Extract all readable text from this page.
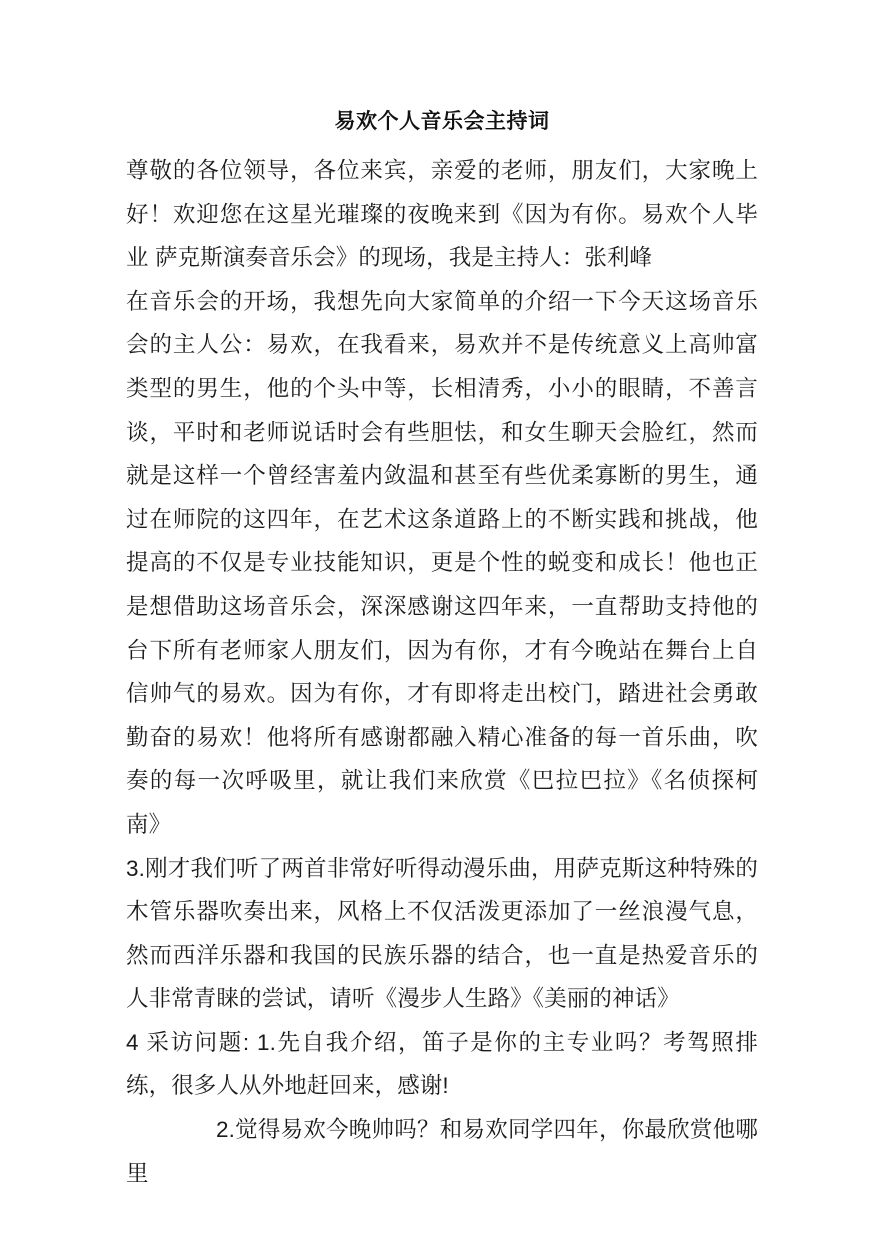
易欢个人音乐会主持词

尊敬的各位领导，各位来宾，亲爱的老师，朋友们，大家晚上好！欢迎您在这星光璀璨的夜晚来到《因为有你。易欢个人毕业 萨克斯演奏音乐会》的现场，我是主持人：张利峰

在音乐会的开场，我想先向大家简单的介绍一下今天这场音乐会的主人公：易欢，在我看来，易欢并不是传统意义上高帅富类型的男生，他的个头中等，长相清秀，小小的眼睛，不善言谈，平时和老师说话时会有些胆怯，和女生聊天会脸红，然而就是这样一个曾经害羞内敛温和甚至有些优柔寡断的男生，通过在师院的这四年，在艺术这条道路上的不断实践和挑战，他提高的不仅是专业技能知识，更是个性的蜕变和成长！他也正是想借助这场音乐会，深深感谢这四年来，一直帮助支持他的台下所有老师家人朋友们，因为有你，才有今晚站在舞台上自信帅气的易欢。因为有你，才有即将走出校门，踏进社会勇敢勤奋的易欢！他将所有感谢都融入精心准备的每一首乐曲，吹奏的每一次呼吸里，就让我们来欣赏《巴拉巴拉》《名侦探柯南》

3.刚才我们听了两首非常好听得动漫乐曲，用萨克斯这种特殊的木管乐器吹奏出来，风格上不仅活泼更添加了一丝浪漫气息，然而西洋乐器和我国的民族乐器的结合，也一直是热爱音乐的人非常青睐的尝试，请听《漫步人生路》《美丽的神话》

4 采访问题: 1.先自我介绍，笛子是你的主专业吗？考驾照排练，很多人从外地赶回来，感谢!

2.觉得易欢今晚帅吗？和易欢同学四年，你最欣赏他哪里
